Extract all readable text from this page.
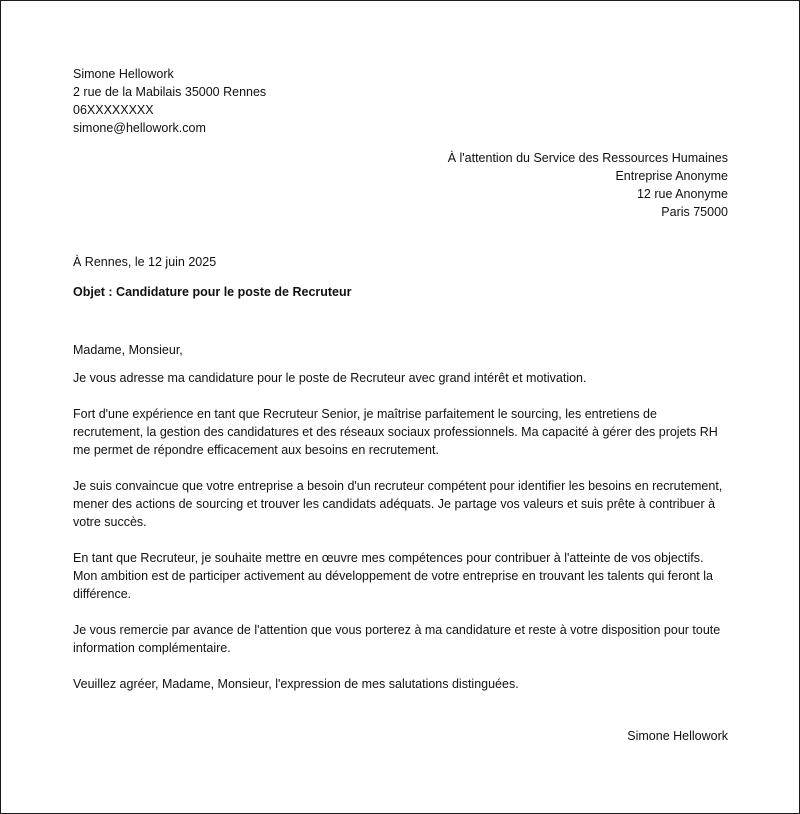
Simone Hellowork
2 rue de la Mabilais 35000 Rennes
06XXXXXXXX
simone@hellowork.com
À l'attention du Service des Ressources Humaines
Entreprise Anonyme
12 rue Anonyme
Paris 75000
À Rennes, le 12 juin 2025
Objet : Candidature pour le poste de Recruteur
Madame, Monsieur,

Je vous adresse ma candidature pour le poste de Recruteur avec grand intérêt et motivation.

Fort d'une expérience en tant que Recruteur Senior, je maîtrise parfaitement le sourcing, les entretiens de recrutement, la gestion des candidatures et des réseaux sociaux professionnels. Ma capacité à gérer des projets RH me permet de répondre efficacement aux besoins en recrutement.

Je suis convaincue que votre entreprise a besoin d'un recruteur compétent pour identifier les besoins en recrutement, mener des actions de sourcing et trouver les candidats adéquats. Je partage vos valeurs et suis prête à contribuer à votre succès.

En tant que Recruteur, je souhaite mettre en œuvre mes compétences pour contribuer à l'atteinte de vos objectifs. Mon ambition est de participer activement au développement de votre entreprise en trouvant les talents qui feront la différence.

Je vous remercie par avance de l'attention que vous porterez à ma candidature et reste à votre disposition pour toute information complémentaire.

Veuillez agréer, Madame, Monsieur, l'expression de mes salutations distinguées.
Simone Hellowork
